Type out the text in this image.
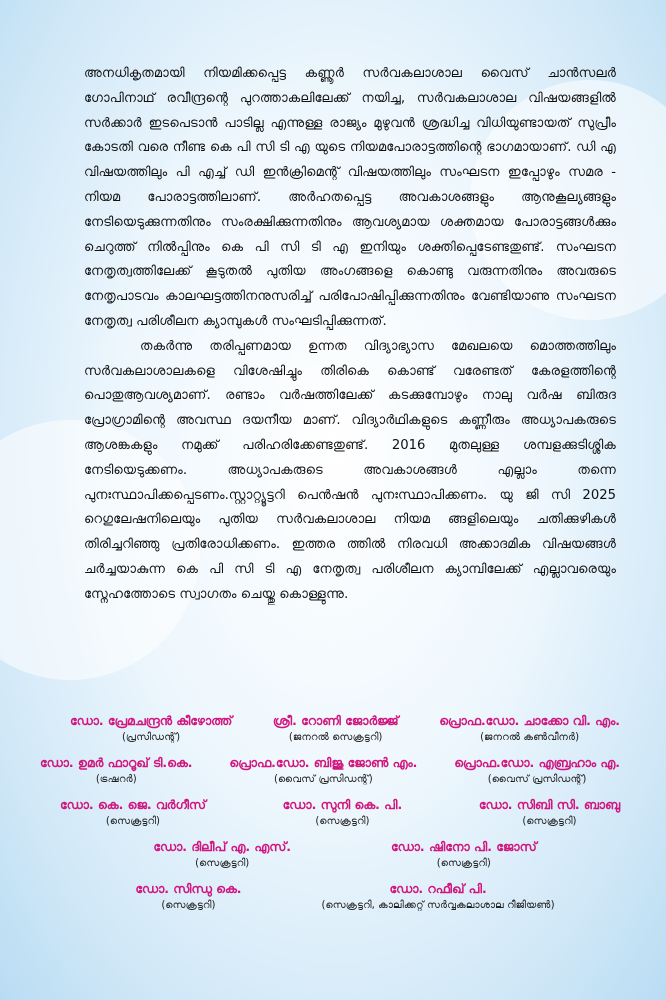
അനധികൃതമായി നിയമിക്കപ്പെട്ട കണ്ണൂർ സർവകലാശാല വൈസ് ചാൻസലർ ഗോപിനാഥ് രവീന്ദ്രന്റെ പുറത്താകലിലേക്ക് നയിച്ച, സർവകലാശാല വിഷയങ്ങളിൽ സർക്കാർ ഇടപെടാൻ പാടില്ല എന്നുള്ള രാജ്യം മുഴുവൻ ശ്രദ്ധിച്ച വിധിയുണ്ടായത് സുപ്രീം കോടതി വരെ നീണ്ട കെ പി സി ടി എ യുടെ നിയമപോരാട്ടത്തിന്റെ ഭാഗമായാണ്. ഡി എ വിഷയത്തിലും പി എച്ച് ഡി ഇൻക്രിമെന്റ് വിഷയത്തിലും സംഘടന ഇപ്പോഴും സമര - നിയമ പോരാട്ടത്തിലാണ്. അർഹതപ്പെട്ട അവകാശങ്ങളും ആനുകൂല്യങ്ങളും നേടിയെടുക്കുന്നതിനും സംരക്ഷിക്കുന്നതിനും ആവശ്യമായ ശക്തമായ പോരാട്ടങ്ങൾക്കും ചെറുത്ത് നിൽപ്പിനും കെ പി സി ടി എ ഇനിയും ശക്തിപ്പെടേണ്ടതുണ്ട്. സംഘടന നേതൃത്വത്തിലേക്ക് കൂടുതൽ പുതിയ അംഗങ്ങളെ കൊണ്ടു വരുന്നതിനും അവരുടെ നേതൃപാടവം കാലഘട്ടത്തിനനുസരിച്ച് പരിപോഷിപ്പിക്കുന്നതിനും വേണ്ടിയാണു സംഘടന നേതൃത്വ പരിശീലന ക്യാമ്പുകൾ സംഘടിപ്പിക്കുന്നത്.

തകർന്നു തരിപ്പണമായ ഉന്നത വിദ്യാഭ്യാസ മേഖലയെ മൊത്തത്തിലും സർവകലാശാലകളെ വിശേഷിച്ചും തിരികെ കൊണ്ട് വരേണ്ടത് കേരളത്തിന്റെ പൊതുആവശ്യമാണ്. രണ്ടാം വർഷത്തിലേക്ക് കടക്കുമ്പോഴും നാലു വർഷ ബിരുദ പ്രോഗ്രാമിന്റെ അവസ്ഥ ദയനീയ മാണ്. വിദ്യാർഥികളുടെ കണ്ണീരും അധ്യാപകരുടെ ആശങ്കകളും നമുക്ക് പരിഹരിക്കേണ്ടതുണ്ട്. 2016 മുതലുള്ള ശമ്പളക്കുടിശ്ശിക നേടിയെടുക്കണം. അധ്യാപകരുടെ അവകാശങ്ങൾ എല്ലാം തന്നെ പുനഃസ്ഥാപിക്കപ്പെടണം.സ്റ്റാറ്റ്യൂട്ടറി പെൻഷൻ പുനഃസ്ഥാപിക്കണം. യു ജി സി 2025 റെഗുലേഷനിലെയും പുതിയ സർവകലാശാല നിയമ ങ്ങളിലെയും ചതിക്കുഴികൾ തിരിച്ചറിഞ്ഞു പ്രതിരോധിക്കണം. ഇത്തര ത്തിൽ നിരവധി അക്കാദമിക വിഷയങ്ങൾ ചർച്ചയാകുന്ന കെ പി സി ടി എ നേതൃത്വ പരിശീലന ക്യാമ്പിലേക്ക് എല്ലാവരെയും സ്നേഹത്തോടെ സ്വാഗതം ചെയ്തു കൊള്ളുന്നു.

ഡോ. പ്രേമചന്ദ്രൻ കീഴോത്ത്
(പ്രസിഡന്റ്)
ശ്രീ. റോണി ജോർജ്ജ്
(ജനറൽ സെക്രട്ടറി)
പ്രൊഫ.ഡോ. ചാക്കോ വി. എം.
(ജനറൽ കൺവീനർ)
ഡോ. ഉമർ ഫാറൂഖ് ടി.കെ.
(ട്രഷറർ)
പ്രൊഫ.ഡോ. ബിജു ജോൺ എം.
(വൈസ് പ്രസിഡന്റ്)
പ്രൊഫ.ഡോ. എബ്രഹാം എ.
(വൈസ് പ്രസിഡന്റ്)
ഡോ. കെ. ജെ. വർഗീസ്
(സെക്രട്ടറി)
ഡോ. സുനി കെ. പി.
(സെക്രട്ടറി)
ഡോ. സിബി സി. ബാബു
(സെക്രട്ടറി)
ഡോ. ദിലീപ് എ. എസ്.
(സെക്രട്ടറി)
ഡോ. ഷിനോ പി. ജോസ്
(സെക്രട്ടറി)
ഡോ. സിന്ധു കെ.
(സെക്രട്ടറി)
ഡോ. റഫീഖ് പി.
(സെക്രട്ടറി, കാലിക്കറ്റ് സർവ്വകലാശാല റീജിയൺ)
